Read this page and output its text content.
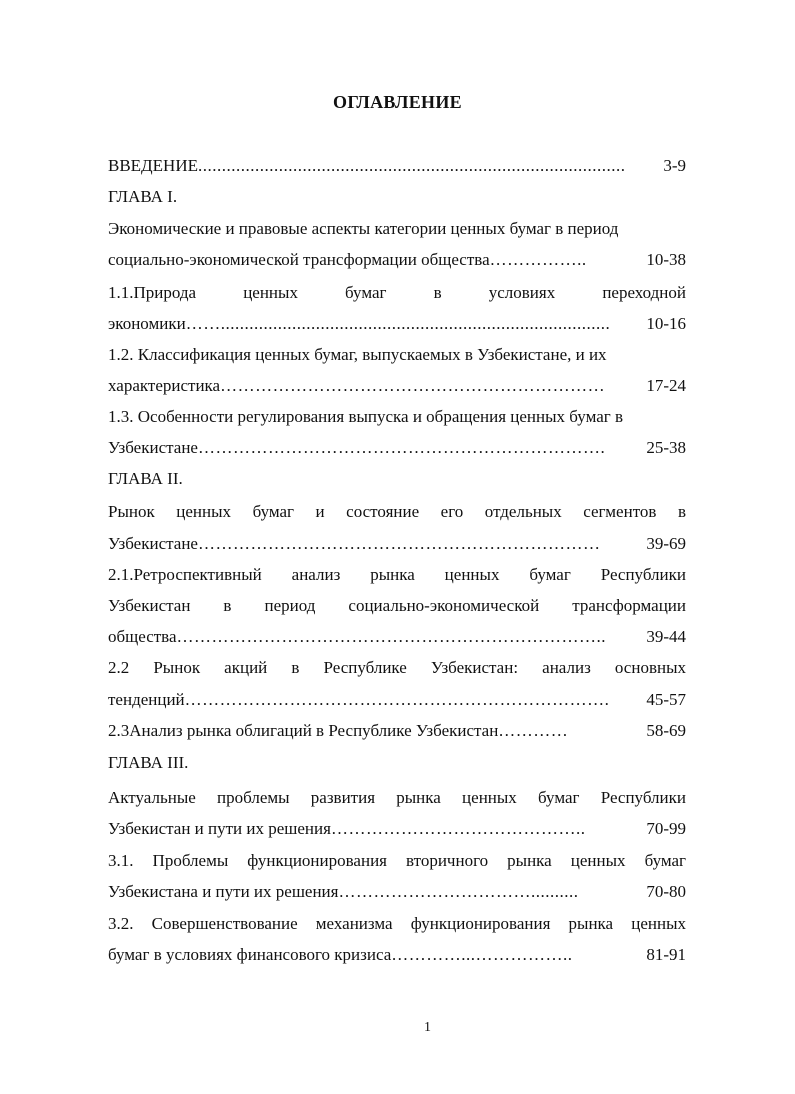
ОГЛАВЛЕНИЕ
ВВЕДЕНИЕ ..........................................................................................	3-9
ГЛАВА I.
Экономические и правовые аспекты категории ценных бумаг в период
социально-экономической трансформации общества ……………..	10-38
1.1.Природа ценных бумаг в условиях переходной
экономики ……..................................................................................	10-16
1.2. Классификация ценных бумаг, выпускаемых в Узбекистане, и их
характеристика …………………………………………………………	17-24
1.3. Особенности регулирования выпуска и обращения ценных бумаг в
Узбекистане …………………………………………………………….	25-38
ГЛАВА II.
Рынок ценных бумаг и состояние его отдельных сегментов в
Узбекистане ……………………………………………………………	39-69
2.1.Ретроспективный анализ рынка ценных бумаг Республики
Узбекистан в период социально-экономической трансформации
общества ………………………………………………………………..	39-44
2.2 Рынок акций в Республике Узбекистан: анализ основных
тенденций ……………………………………………………………….	45-57
2.3Анализ рынка облигаций в Республике Узбекистан …………	58-69
ГЛАВА III.
Актуальные проблемы развития рынка ценных бумаг Республики
Узбекистан и пути их решения ……………………………………..	70-99
3.1. Проблемы функционирования вторичного рынка ценных бумаг
Узбекистана и пути их решения ……………………………..........	70-80
3.2. Совершенствование механизма функционирования рынка ценных
бумаг в условиях финансового кризиса …………...……………..	81-91
1
